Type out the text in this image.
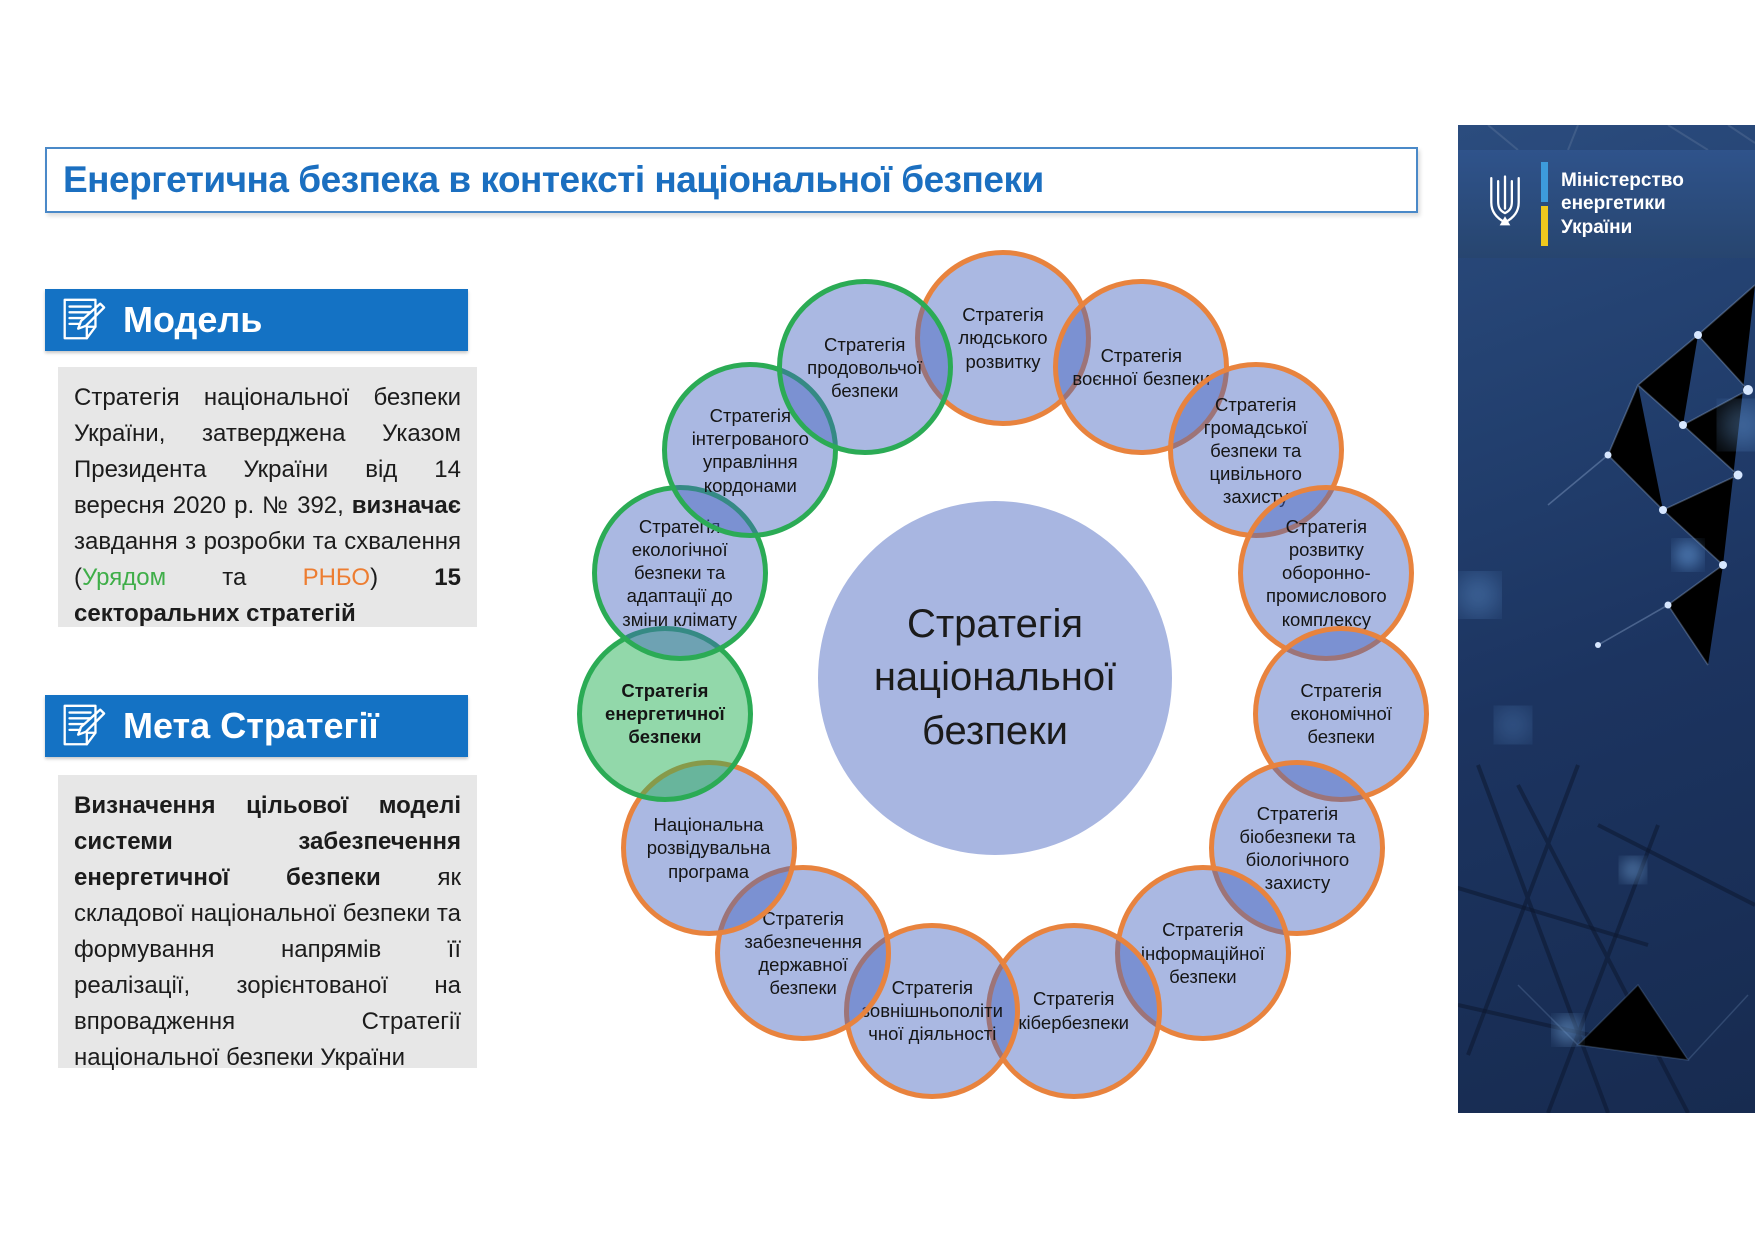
Енергетична безпека в контексті національної безпеки
Модель
Стратегія національної безпеки України, затверджена Указом Президента України від 14 вересня 2020 р. № 392, визначає завдання з розробки та схвалення (Урядом та РНБО) 15 секторальних стратегій
Мета Стратегії
Визначення цільової моделі системи забезпечення енергетичної безпеки як складової національної безпеки та формування напрямів її реалізації, зорієнтованої на впровадження Стратегії національної безпеки України
Стратегія національної безпеки
Стратегія людського розвитку	Стратегія воєнної безпеки
Стратегія громадської безпеки та цивільного захисту
Стратегія розвитку оборонно-промислового комплексу
Стратегія економічної безпеки
Стратегія біобезпеки та біологічного захисту
Стратегія інформаційної безпеки
Стратегія кібербезпеки
Стратегія зовнішньополітичної діяльності
Стратегія забезпечення державної безпеки
Національна розвідувальна програма
Стратегія енергетичної безпеки
Стратегія екологічної безпеки та адаптації до зміни клімату
Стратегія інтегрованого управління кордонами
Стратегія продовольчої безпеки
Міністерство
енергетики
України
